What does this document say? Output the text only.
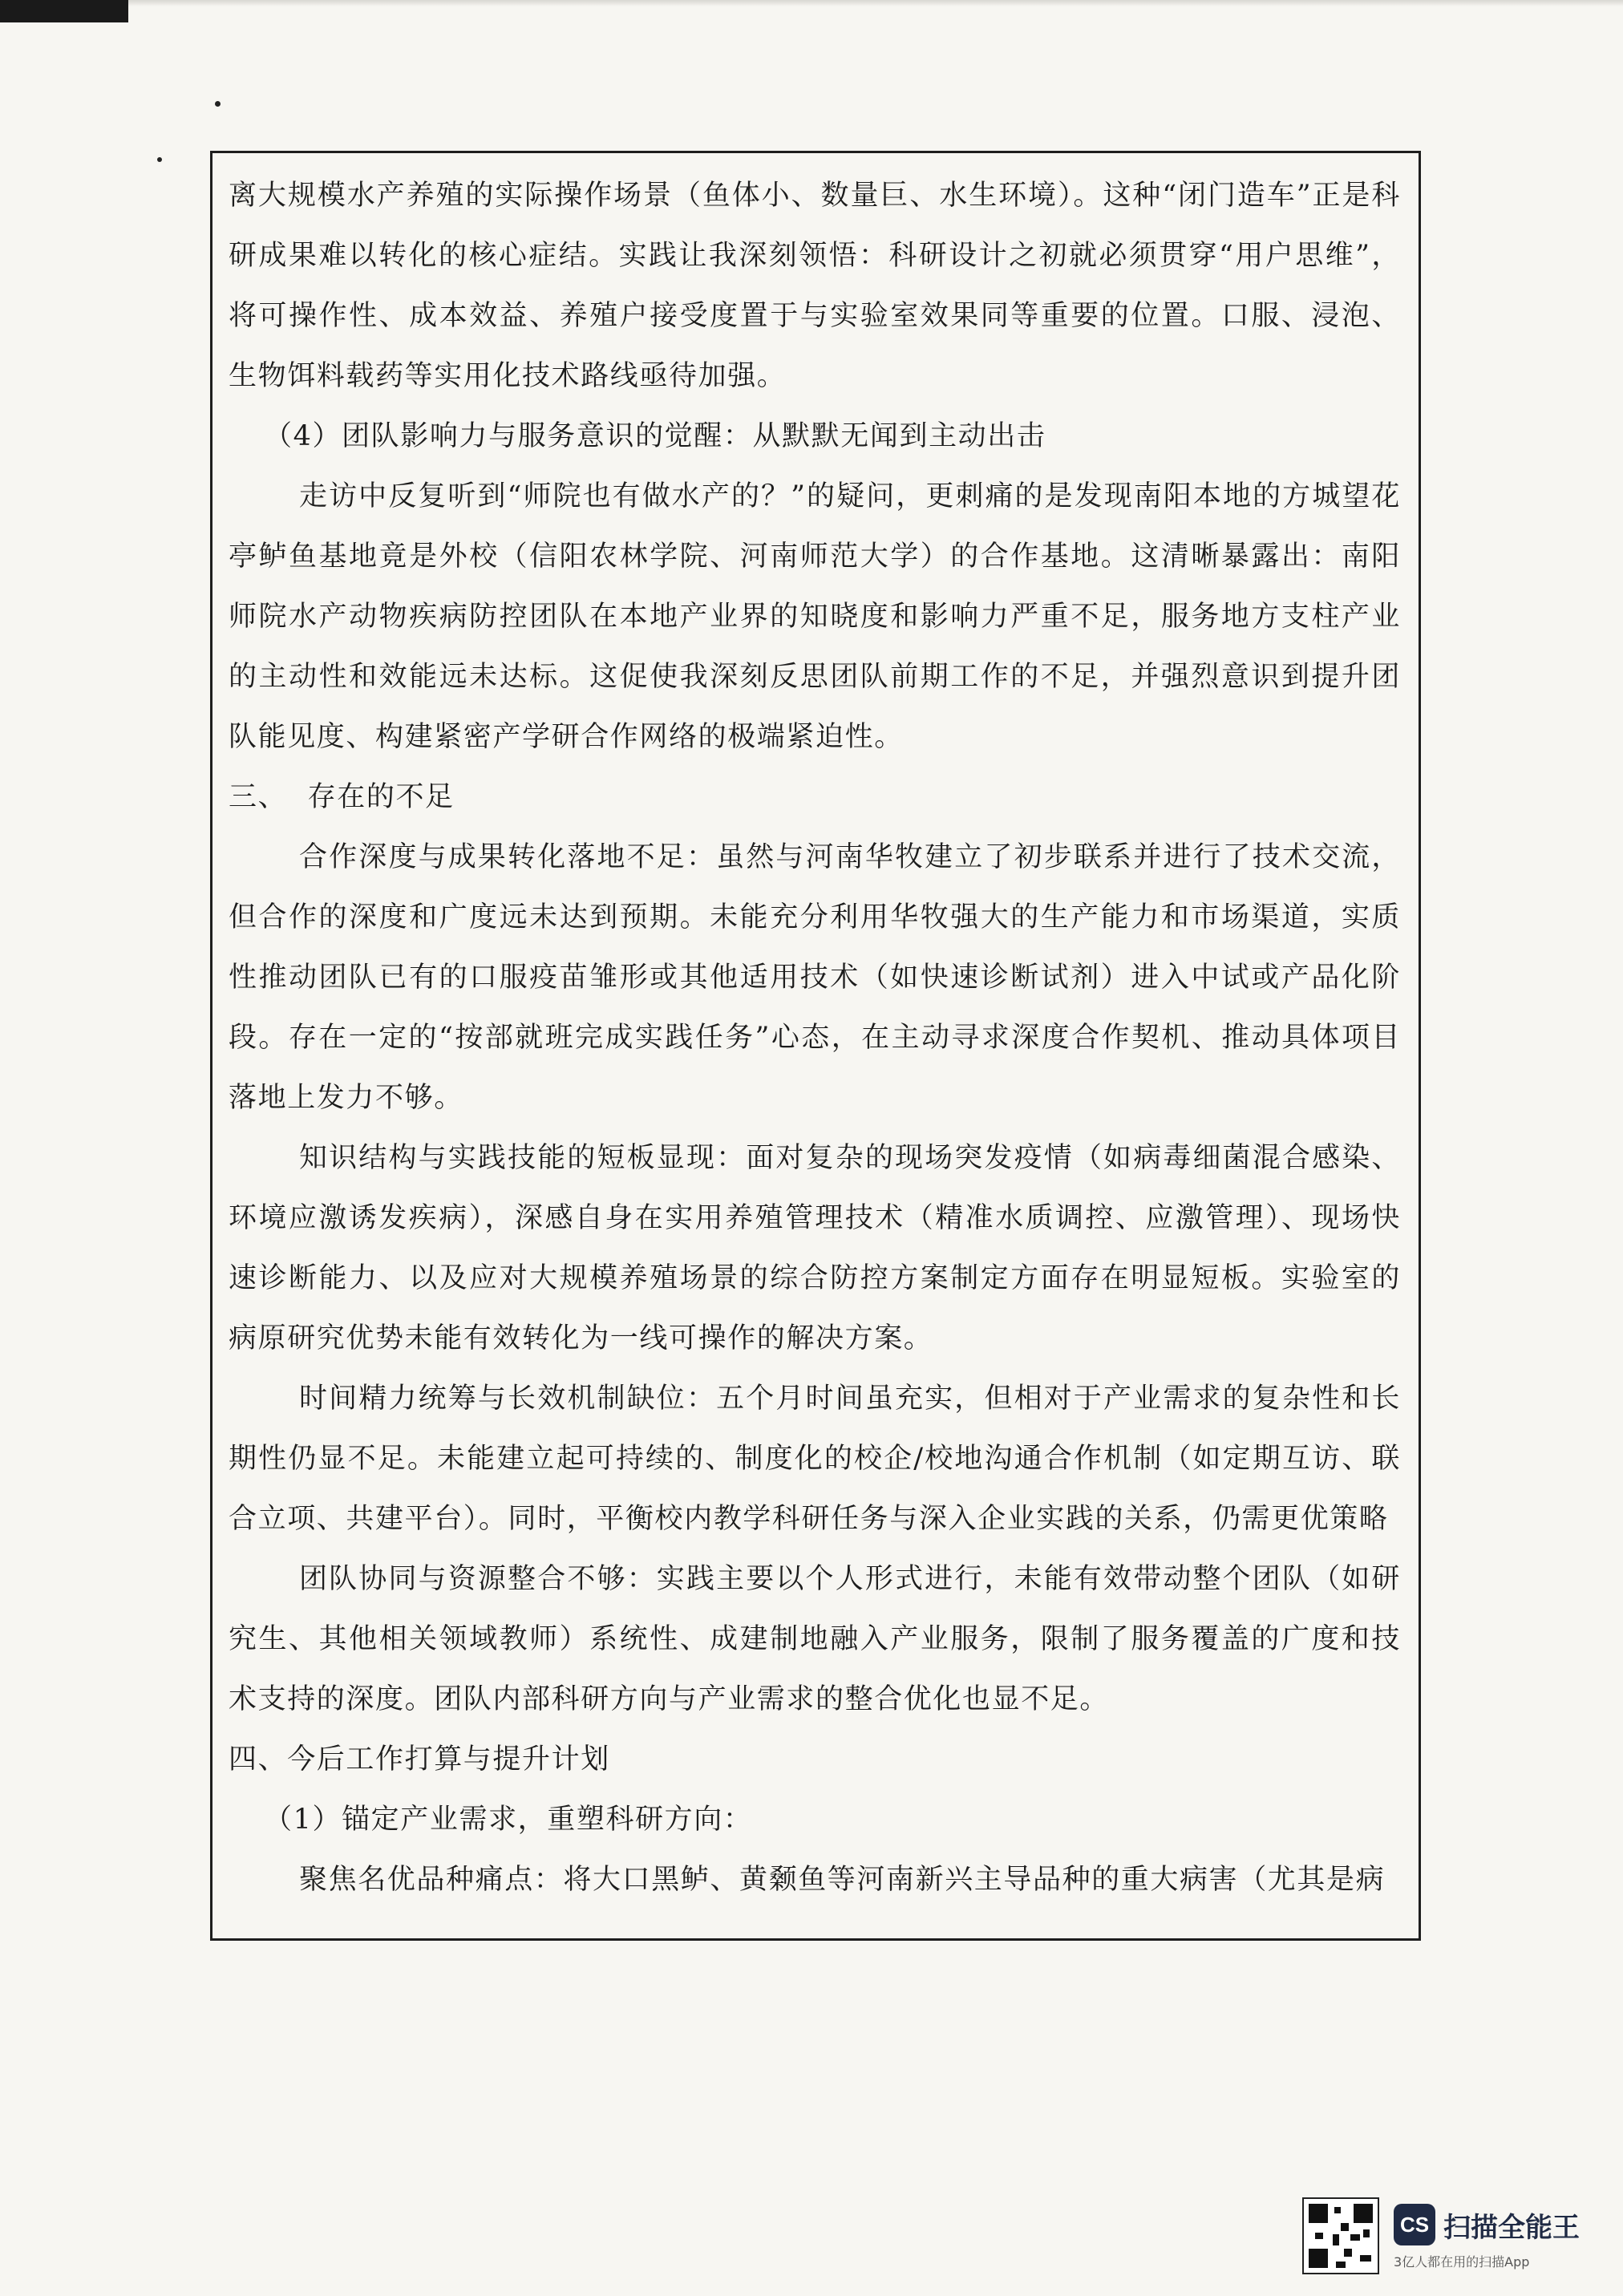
离大规模水产养殖的实际操作场景（鱼体小、数量巨、水生环境）。这种“闭门造车”正是科研成果难以转化的核心症结。实践让我深刻领悟：科研设计之初就必须贯穿“用户思维”，将可操作性、成本效益、养殖户接受度置于与实验室效果同等重要的位置。口服、浸泡、生物饵料载药等实用化技术路线亟待加强。

（4）团队影响力与服务意识的觉醒：从默默无闻到主动出击

走访中反复听到“师院也有做水产的？”的疑问，更刺痛的是发现南阳本地的方城望花亭鲈鱼基地竟是外校（信阳农林学院、河南师范大学）的合作基地。这清晰暴露出：南阳师院水产动物疾病防控团队在本地产业界的知晓度和影响力严重不足，服务地方支柱产业的主动性和效能远未达标。这促使我深刻反思团队前期工作的不足，并强烈意识到提升团队能见度、构建紧密产学研合作网络的极端紧迫性。

三、  存在的不足

合作深度与成果转化落地不足：虽然与河南华牧建立了初步联系并进行了技术交流，但合作的深度和广度远未达到预期。未能充分利用华牧强大的生产能力和市场渠道，实质性推动团队已有的口服疫苗雏形或其他适用技术（如快速诊断试剂）进入中试或产品化阶段。存在一定的“按部就班完成实践任务”心态，在主动寻求深度合作契机、推动具体项目落地上发力不够。

知识结构与实践技能的短板显现：面对复杂的现场突发疫情（如病毒细菌混合感染、环境应激诱发疾病），深感自身在实用养殖管理技术（精准水质调控、应激管理）、现场快速诊断能力、以及应对大规模养殖场景的综合防控方案制定方面存在明显短板。实验室的病原研究优势未能有效转化为一线可操作的解决方案。

时间精力统筹与长效机制缺位：五个月时间虽充实，但相对于产业需求的复杂性和长期性仍显不足。未能建立起可持续的、制度化的校企/校地沟通合作机制（如定期互访、联合立项、共建平台）。同时，平衡校内教学科研任务与深入企业实践的关系，仍需更优策略

团队协同与资源整合不够：实践主要以个人形式进行，未能有效带动整个团队（如研究生、其他相关领域教师）系统性、成建制地融入产业服务，限制了服务覆盖的广度和技术支持的深度。团队内部科研方向与产业需求的整合优化也显不足。

四、今后工作打算与提升计划

（1）锚定产业需求，重塑科研方向：

聚焦名优品种痛点：将大口黑鲈、黄颡鱼等河南新兴主导品种的重大病害（尤其是病

CS 扫描全能王
3亿人都在用的扫描App
